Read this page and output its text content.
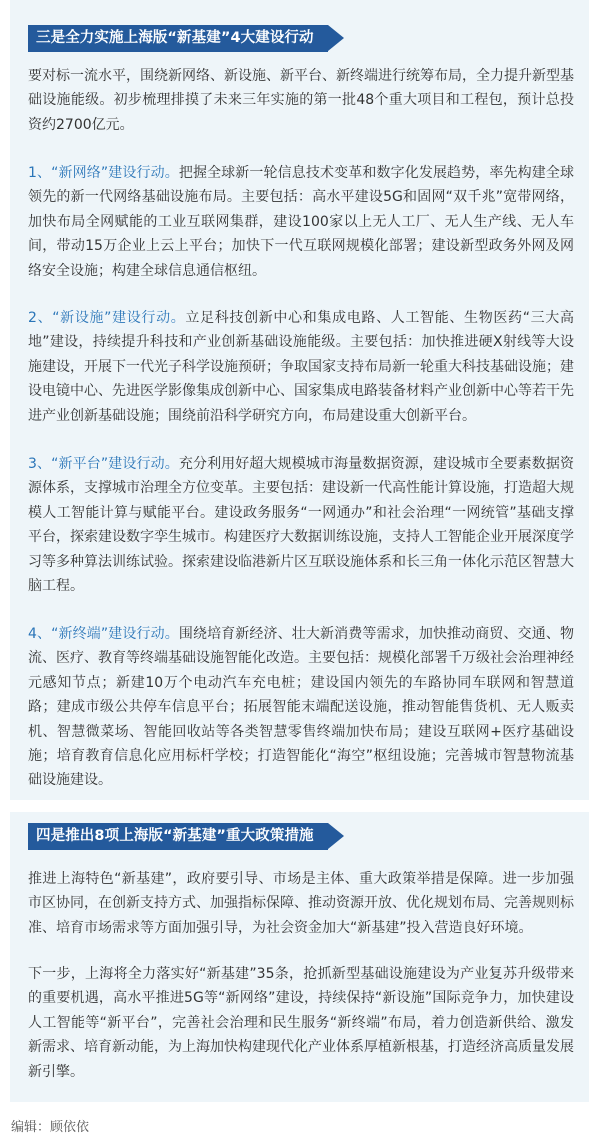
三是全力实施上海版“新基建”4大建设行动

要对标一流水平，围绕新网络、新设施、新平台、新终端进行统筹布局，全力提升新型基础设施能级。初步梳理排摸了未来三年实施的第一批48个重大项目和工程包，预计总投资约2700亿元。

1、“新网络”建设行动。把握全球新一轮信息技术变革和数字化发展趋势，率先构建全球领先的新一代网络基础设施布局。主要包括：高水平建设5G和固网“双千兆”宽带网络，加快布局全网赋能的工业互联网集群，建设100家以上无人工厂、无人生产线、无人车间，带动15万企业上云上平台；加快下一代互联网规模化部署；建设新型政务外网及网络安全设施；构建全球信息通信枢纽。

2、“新设施”建设行动。立足科技创新中心和集成电路、人工智能、生物医药“三大高地”建设，持续提升科技和产业创新基础设施能级。主要包括：加快推进硬X射线等大设施建设，开展下一代光子科学设施预研；争取国家支持布局新一轮重大科技基础设施；建设电镜中心、先进医学影像集成创新中心、国家集成电路装备材料产业创新中心等若干先进产业创新基础设施；围绕前沿科学研究方向，布局建设重大创新平台。

3、“新平台”建设行动。充分利用好超大规模城市海量数据资源，建设城市全要素数据资源体系，支撑城市治理全方位变革。主要包括：建设新一代高性能计算设施，打造超大规模人工智能计算与赋能平台。建设政务服务“一网通办”和社会治理“一网统管”基础支撑平台，探索建设数字孪生城市。构建医疗大数据训练设施，支持人工智能企业开展深度学习等多种算法训练试验。探索建设临港新片区互联设施体系和长三角一体化示范区智慧大脑工程。

4、“新终端”建设行动。围绕培育新经济、壮大新消费等需求，加快推动商贸、交通、物流、医疗、教育等终端基础设施智能化改造。主要包括：规模化部署千万级社会治理神经元感知节点；新建10万个电动汽车充电桩；建设国内领先的车路协同车联网和智慧道路；建成市级公共停车信息平台；拓展智能末端配送设施，推动智能售货机、无人贩卖机、智慧微菜场、智能回收站等各类智慧零售终端加快布局；建设互联网+医疗基础设施；培育教育信息化应用标杆学校；打造智能化“海空”枢纽设施；完善城市智慧物流基础设施建设。

四是推出8项上海版“新基建”重大政策措施

推进上海特色“新基建”，政府要引导、市场是主体、重大政策举措是保障。进一步加强市区协同，在创新支持方式、加强指标保障、推动资源开放、优化规划布局、完善规则标准、培育市场需求等方面加强引导，为社会资金加大“新基建”投入营造良好环境。

下一步，上海将全力落实好“新基建”35条，抢抓新型基础设施建设为产业复苏升级带来的重要机遇，高水平推进5G等“新网络”建设，持续保持“新设施”国际竞争力，加快建设人工智能等“新平台”，完善社会治理和民生服务“新终端”布局，着力创造新供给、激发新需求、培育新动能，为上海加快构建现代化产业体系厚植新根基，打造经济高质量发展新引擎。

编辑：顾依依
